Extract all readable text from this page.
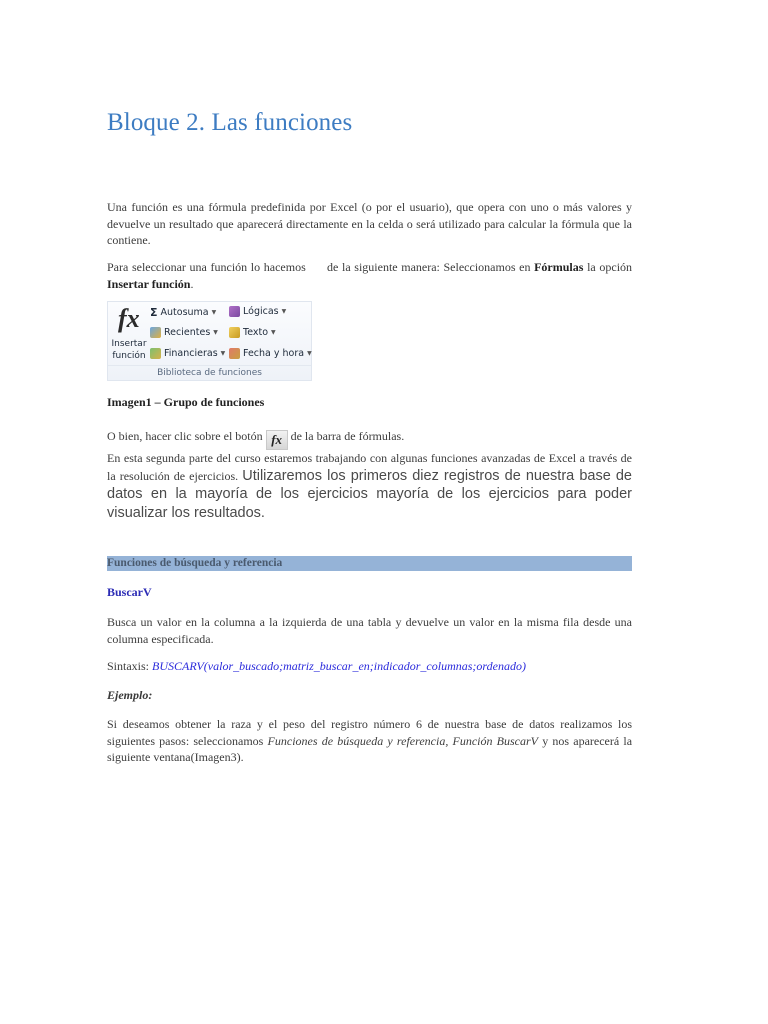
Bloque 2. Las funciones

Una función es una fórmula predefinida por Excel (o por el usuario), que opera con uno o más valores y devuelve un resultado que aparecerá directamente en la celda o será utilizado para calcular la fórmula que la contiene.

Para seleccionar una función lo hacemos de la siguiente manera: Seleccionamos en Fórmulas la opción Insertar función.

fx
Insertar
función
Σ Autosuma ▼
Recientes ▼
Financieras ▼
Lógicas ▼
Texto ▼
Fecha y hora ▼
Biblioteca de funciones
Imagen1 – Grupo de funciones

O bien, hacer clic sobre el botón fx de la barra de fórmulas.
En esta segunda parte del curso estaremos trabajando con algunas funciones avanzadas de Excel a través de la resolución de ejercicios. Utilizaremos los primeros diez registros de nuestra base de datos en la mayoría de los ejercicios mayoría de los ejercicios para poder visualizar los resultados.

Funciones de búsqueda y referencia
BuscarV

Busca un valor en la columna a la izquierda de una tabla y devuelve un valor en la misma fila desde una columna especificada.

Sintaxis: BUSCARV(valor_buscado;matriz_buscar_en;indicador_columnas;ordenado)

Ejemplo:

Si deseamos obtener la raza y el peso del registro número 6 de nuestra base de datos realizamos los siguientes pasos: seleccionamos Funciones de búsqueda y referencia, Función BuscarV y nos aparecerá la siguiente ventana(Imagen3).
